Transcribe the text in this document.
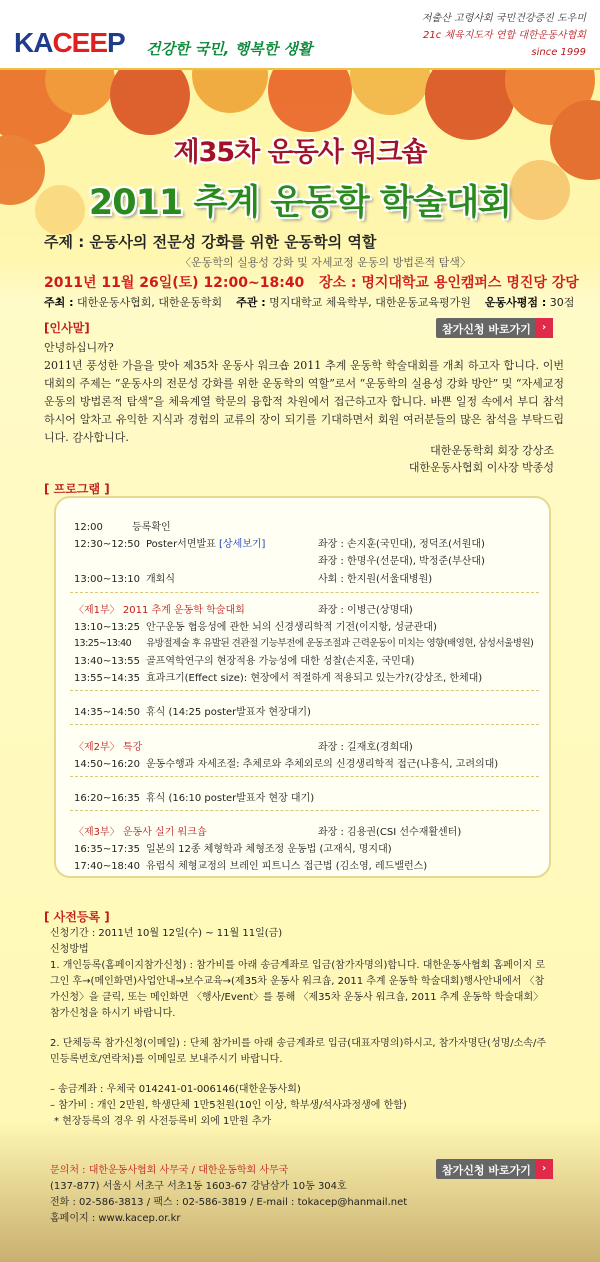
KACEEP 건강한 국민, 행복한 생활
저출산 고령사회 국민건강증진 도우미
21c 체육지도자 연합 대한운동사협회
since 1999
제35차 운동사 워크숍
2011 추계 운동학 학술대회
주제 : 운동사의 전문성 강화를 위한 운동학의 역할
〈운동학의 실용성 강화 및 자세교정 운동의 방법론적 탐색〉
2011년 11월 26일(토) 12:00~18:40 장소 : 명지대학교 용인캠퍼스 명진당 강당
주최 : 대한운동사협회, 대한운동학회 주관 : 명지대학교 체육학부, 대한운동교육평가원 운동사평점 : 30점
[인사말]	참가신청 바로가기	›

안녕하십니까?

2011년 풍성한 가을을 맞아 제35차 운동사 워크숍 2011 추계 운동학 학술대회를 개최 하고자 합니다. 이번 대회의 주제는 “운동사의 전문성 강화를 위한 운동학의 역할”로서 “운동학의 실용성 강화 방안” 및 “자세교정 운동의 방법론적 탐색”을 체육계열 학문의 융합적 차원에서 접근하고자 합니다. 바쁜 일정 속에서 부디 참석하시어 알차고 유익한 지식과 경험의 교류의 장이 되기를 기대하면서 회원 여러분들의 많은 참석을 부탁드립니다. 감사합니다.

대한운동학회 회장 강상조
대한운동사협회 이사장 박종성
[ 프로그램 ]
12:00	등록확인
12:30~12:50 Poster서면발표 [상세보기]	좌장 : 손지훈(국민대), 정덕조(서원대)
좌장 : 한명우(선문대), 박정준(부산대)
13:00~13:10 개회식	사회 : 한지원(서울대병원)
〈제1부〉 2011 추계 운동학 학술대회	좌장 : 이병근(상명대)
13:10~13:25 안구운동 협응성에 관한 뇌의 신경생리학적 기전(이지항, 성균관대)
13:25~13:40 유방절제술 후 유발된 견관절 기능부전에 운동조절과 근력운동이 미치는 영향(배영현, 삼성서울병원)
13:40~13:55 골프역학연구의 현장적용 가능성에 대한 성찰(손지훈, 국민대)
13:55~14:35 효과크기(Effect size): 현장에서 적절하게 적용되고 있는가?(강상조, 한체대)
14:35~14:50 휴식 (14:25 poster발표자 현장대기)
〈제2부〉 특강	좌장 : 길재호(경희대)
14:50~16:20 운동수행과 자세조절: 추체로와 추체외로의 신경생리학적 접근(나흥식, 고려의대)
16:20~16:35 휴식 (16:10 poster발표자 현장 대기)
〈제3부〉 운동사 실기 워크숍	좌장 : 김용권(CSI 선수재활센터)
16:35~17:35 일본의 12종 체형학과 체형조정 운동법 (고재식, 명지대)
17:40~18:40 유럽식 체형교정의 브레인 피트니스 접근법 (김소영, 레드밸런스)
[ 사전등록 ]
신청기간 : 2011년 10월 12일(수) ~ 11월 11일(금)
신청방법
1. 개인등록(홈페이지참가신청) : 참가비를 아래 송금계좌로 입금(참가자명의)합니다. 대한운동사협회 홈페이지 로그인 후→(메인화면)사업안내→보수교육→(제35차 운동사 워크숍, 2011 추계 운동학 학술대회)행사안내에서 〈참가신청〉을 클릭, 또는 메인화면 〈행사/Event〉를 통해 〈제35차 운동사 워크숍, 2011 추계 운동학 학술대회〉참가신청을 하시기 바랍니다.
2. 단체등록 참가신청(이메일) : 단체 참가비를 아래 송금계좌로 입금(대표자명의)하시고, 참가자명단(성명/소속/주민등록번호/연락처)를 이메일로 보내주시기 바랍니다.
– 송금계좌 : 우체국 014241-01-006146(대한운동사회)
– 참가비 : 개인 2만원, 학생단체 1만5천원(10인 이상, 학부생/석사과정생에 한함)
* 현장등록의 경우 위 사전등록비 외에 1만원 추가
참가신청 바로가기	›
문의처 : 대한운동사협회 사무국 / 대한운동학회 사무국
(137-877) 서울시 서초구 서초1동 1603-67 강남삼가 10동 304호
전화 : 02-586-3813 / 팩스 : 02-586-3819 / E-mail : tokacep@hanmail.net
홈페이지 : www.kacep.or.kr
